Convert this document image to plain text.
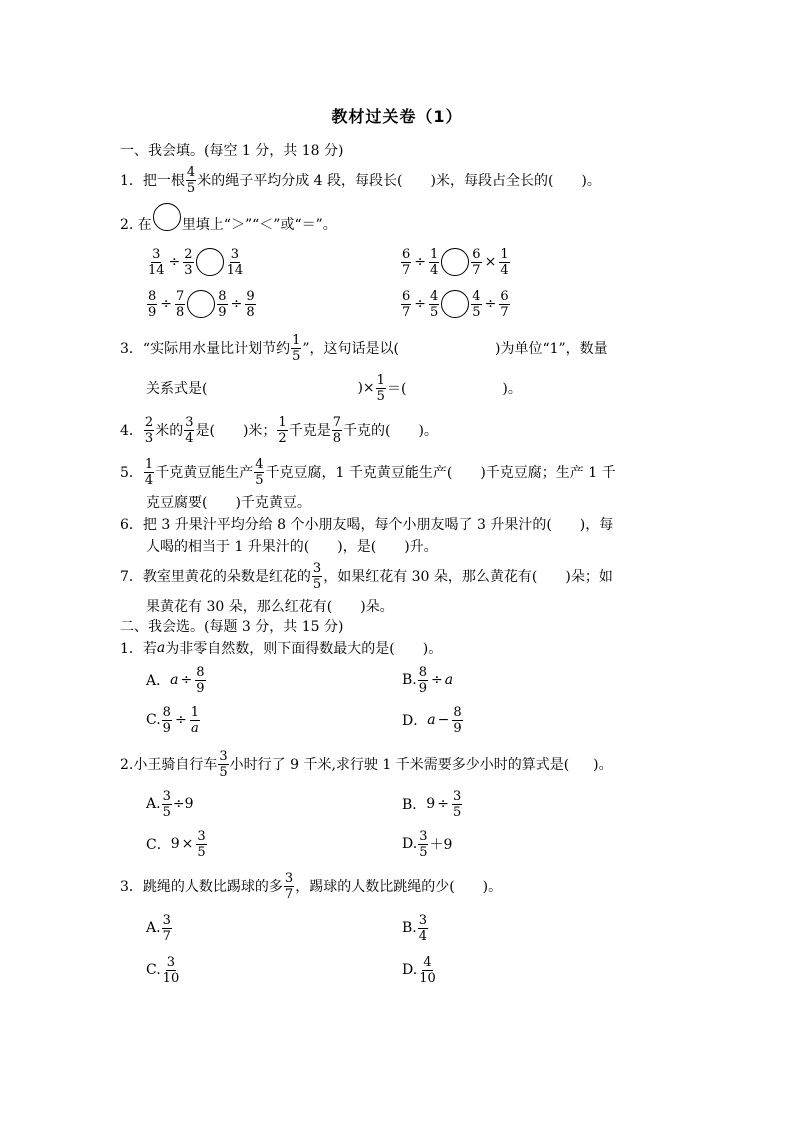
教材过关卷（1）
一、我会填。(每空 1 分，共 18 分)
1．把一根 $\frac{4}{5}$ 米的绳子平均分成 4 段，每段长( )米，每段占全长的( )。
2. 在 里填上“＞”“＜”或“＝”。
$\frac{3}{14} \div \frac{2}{3} \frac{3}{14}$	$\frac{6}{7} \div \frac{1}{4} \frac{6}{7} \times \frac{1}{4}$
$\frac{8}{9} \div \frac{7}{8} \frac{8}{9} \div \frac{9}{8}$	$\frac{6}{7} \div \frac{4}{5} \frac{4}{5} \div \frac{6}{7}$
3．“实际用水量比计划节约 $\frac{1}{5}$ ”，这句话是以(	)为单位“1”，数量
关系式是(	)× $\frac{1}{5}$ ＝(	)。
4． $\frac{2}{3}$ 米的 $\frac{3}{4}$ 是( )米； $\frac{1}{2}$ 千克是 $\frac{7}{8}$ 千克的( )。
5． $\frac{1}{4}$ 千克黄豆能生产 $\frac{4}{5}$ 千克豆腐，1 千克黄豆能生产( )千克豆腐；生产 1 千
克豆腐要( )千克黄豆。
6．把 3 升果汁平均分给 8 个小朋友喝，每个小朋友喝了 3 升果汁的( )，每
人喝的相当于 1 升果汁的( )，是( )升。
7．教室里黄花的朵数是红花的 $\frac{3}{5}$ ，如果红花有 30 朵，那么黄花有( )朵；如
果黄花有 30 朵，那么红花有( )朵。
二、我会选。(每题 3 分，共 15 分)
1．若 a 为非零自然数，则下面得数最大的是( )。
A． $a \div \frac{8}{9}$	B. $\frac{8}{9} \div a$
C. $\frac{8}{9} \div \frac{1}{a}$	D． $a - \frac{8}{9}$
2.小王骑自行车 $\frac{3}{5}$ 小时行了 9 千米,求行驶 1 千米需要多少小时的算式是( )。
A. $\frac{3}{5} \div 9$	B． $9 \div \frac{3}{5}$
C． $9 \times \frac{3}{5}$	D. $\frac{3}{5} +9$
3．跳绳的人数比踢球的多 $\frac{3}{7}$ ，踢球的人数比跳绳的少( )。
A. $\frac{3}{7}$	B. $\frac{3}{4}$
C. $\frac{3}{10}$	D. $\frac{4}{10}$
